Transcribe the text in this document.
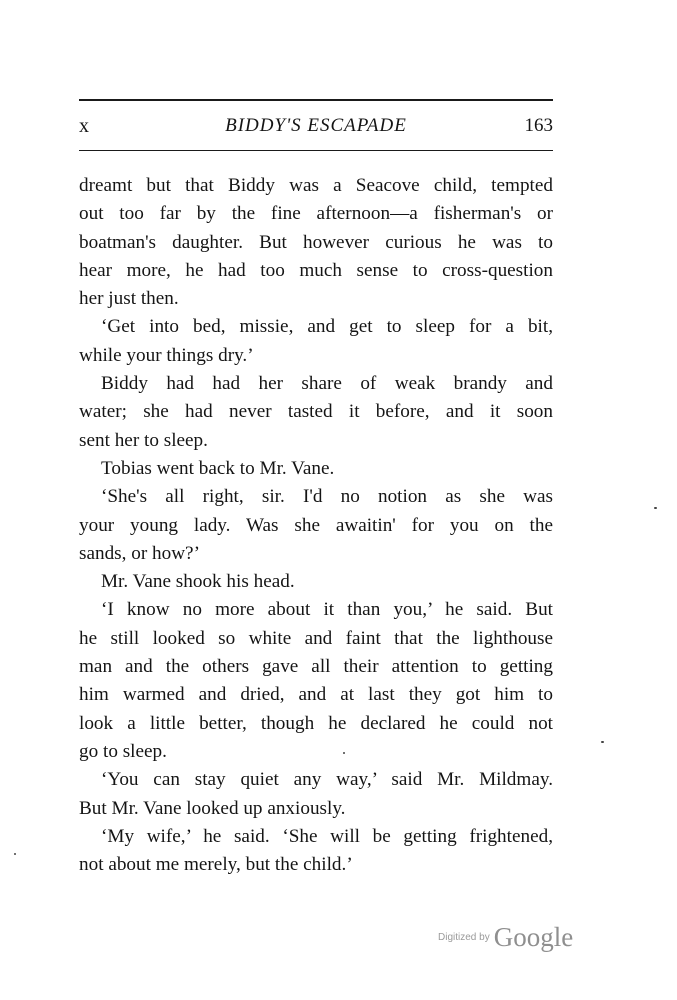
x	BIDDY'S ESCAPADE	163
dreamt but that Biddy was a Seacove child, tempted
out too far by the fine afternoon—a fisherman's or
boatman's daughter. But however curious he was to
hear more, he had too much sense to cross-question
her just then.
‘Get into bed, missie, and get to sleep for a bit,
while your things dry.’
Biddy had had her share of weak brandy and
water; she had never tasted it before, and it soon
sent her to sleep.
Tobias went back to Mr. Vane.
‘She's all right, sir. I'd no notion as she was
your young lady. Was she awaitin' for you on the
sands, or how?’
Mr. Vane shook his head.
‘I know no more about it than you,’ he said. But
he still looked so white and faint that the lighthouse
man and the others gave all their attention to getting
him warmed and dried, and at last they got him to
look a little better, though he declared he could not
go to sleep.
‘You can stay quiet any way,’ said Mr. Mildmay.
But Mr. Vane looked up anxiously.
‘My wife,’ he said. ‘She will be getting frightened,
not about me merely, but the child.’
Digitized by Google
